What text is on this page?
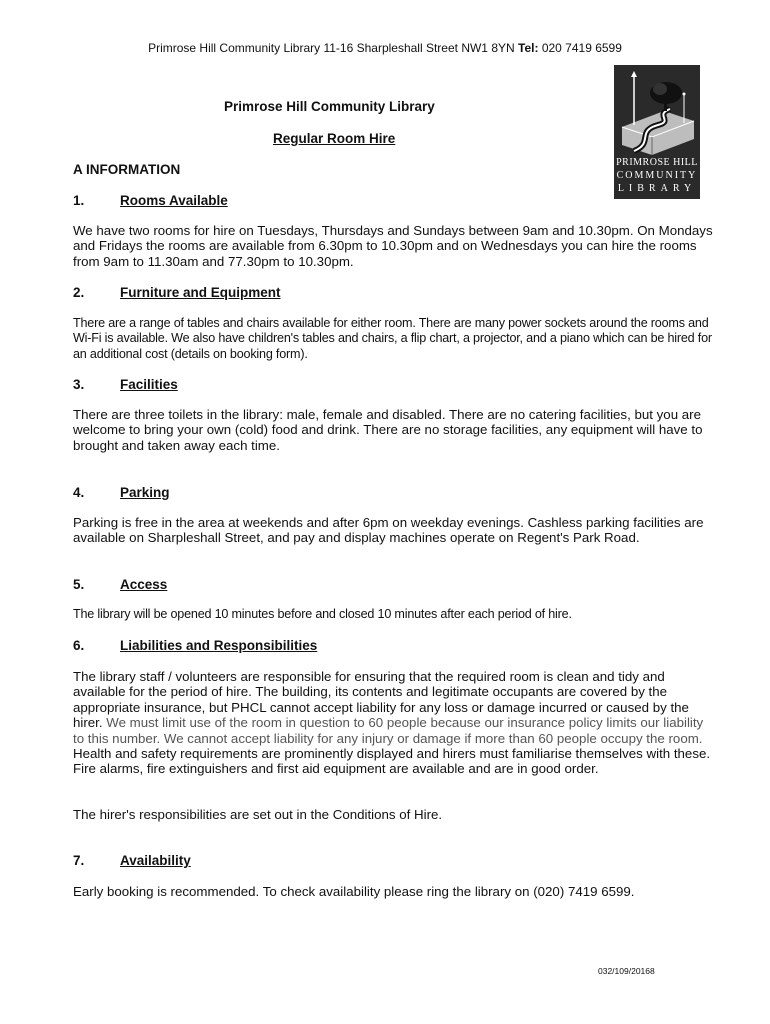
Primrose Hill Community Library 11-16 Sharpleshall Street NW1 8YN Tel: 020 7419 6599
PRIMROSE HILL
COMMUNITY
LIBRARY
Primrose Hill Community Library
Regular Room Hire
A INFORMATION
1.	Rooms Available
We have two rooms for hire on Tuesdays, Thursdays and Sundays between 9am and 10.30pm. On Mondays and Fridays the rooms are available from 6.30pm to 10.30pm and on Wednesdays you can hire the rooms from 9am to 11.30am and 77.30pm to 10.30pm.
2.	Furniture and Equipment
There are a range of tables and chairs available for either room. There are many power sockets around the rooms and Wi-Fi is available. We also have children's tables and chairs, a flip chart, a projector, and a piano which can be hired for an additional cost (details on booking form).
3.	Facilities
There are three toilets in the library: male, female and disabled. There are no catering facilities, but you are welcome to bring your own (cold) food and drink. There are no storage facilities, any equipment will have to brought and taken away each time.
4.	Parking
Parking is free in the area at weekends and after 6pm on weekday evenings. Cashless parking facilities are available on Sharpleshall Street, and pay and display machines operate on Regent's Park Road.
5.	Access
The library will be opened 10 minutes before and closed 10 minutes after each period of hire.
6.	Liabilities and Responsibilities
The library staff / volunteers are responsible for ensuring that the required room is clean and tidy and available for the period of hire. The building, its contents and legitimate occupants are covered by the appropriate insurance, but PHCL cannot accept liability for any loss or damage incurred or caused by the hirer. We must limit use of the room in question to 60 people because our insurance policy limits our liability to this number. We cannot accept liability for any injury or damage if more than 60 people occupy the room. Health and safety requirements are prominently displayed and hirers must familiarise themselves with these. Fire alarms, fire extinguishers and first aid equipment are available and are in good order.
The hirer's responsibilities are set out in the Conditions of Hire.
7.	Availability
Early booking is recommended. To check availability please ring the library on (020) 7419 6599.
032/109/20168
